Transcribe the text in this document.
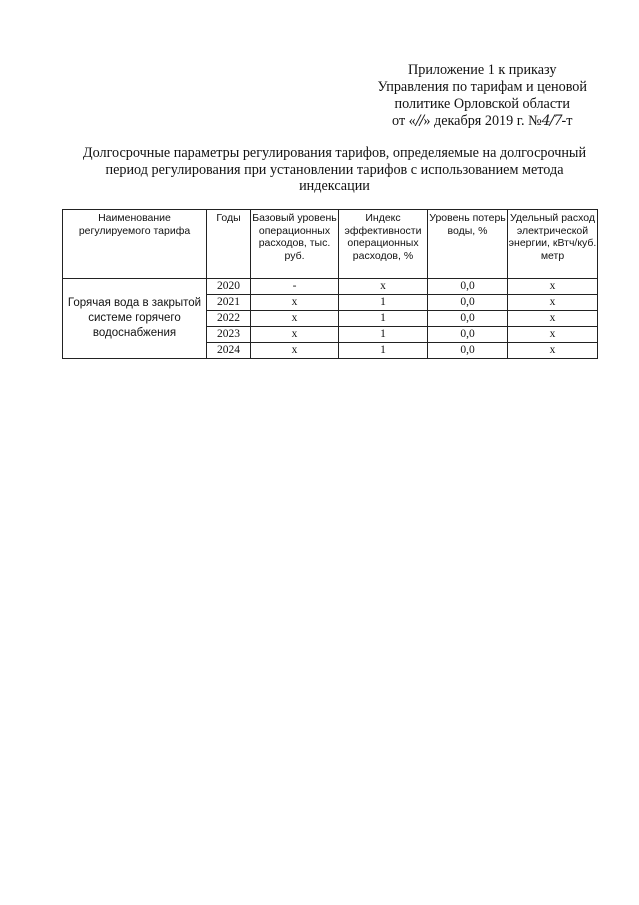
Приложение 1 к приказу
Управления по тарифам и ценовой
политике Орловской области
от «//» декабря 2019 г. №4/7-т
Долгосрочные параметры регулирования тарифов, определяемые на долгосрочный
период регулирования при установлении тарифов с использованием метода
индексации
Наименование регулируемого тарифа	Годы	Базовый уровень операционных расходов, тыс. руб.	Индекс эффективности операционных расходов, %	Уровень потерь воды, %	Удельный расход электрической энергии, кВтч/куб. метр
Горячая вода в закрытой системе горячего водоснабжения	2020	-	х	0,0	х
	2021	х	1	0,0	х
	2022	х	1	0,0	х
	2023	х	1	0,0	х
	2024	х	1	0,0	х
